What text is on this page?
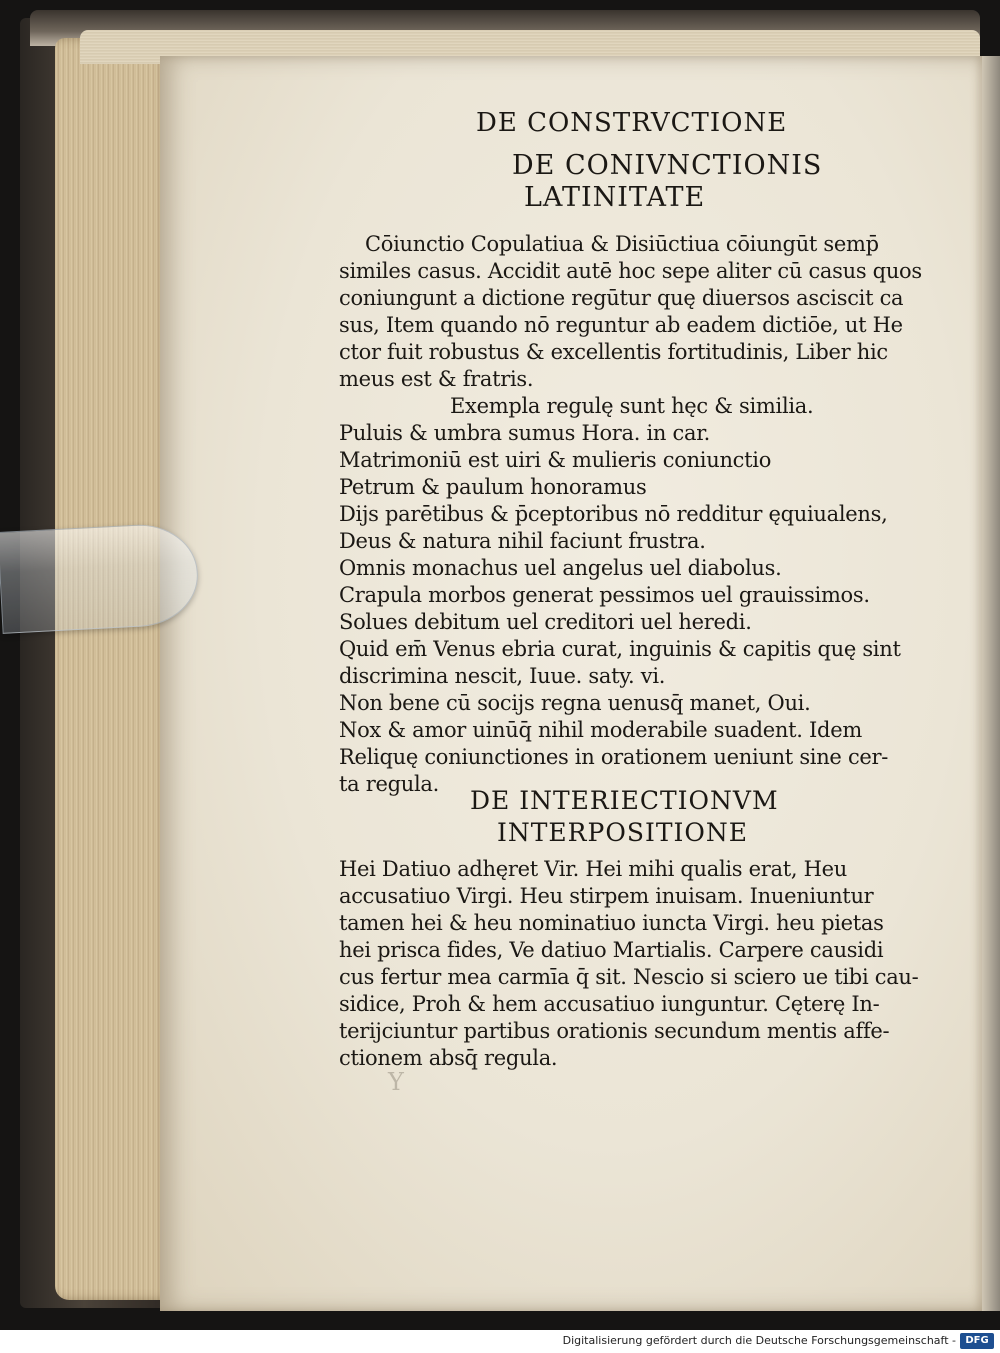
DE CONSTRVCTIONE
DE CONIVNCTIONIS
LATINITATE
Cōiunctio Copulatiua & Disiūctiua cōiungūt semp̄
similes casus. Accidit autē hoc sepe aliter cū casus quos
coniungunt a dictione regūtur quę diuersos asciscit ca
sus, Item quando nō reguntur ab eadem dictiōe, ut He
ctor fuit robustus & excellentis fortitudinis, Liber hic
meus est & fratris.
Exempla regulę sunt hęc & similia.
Puluis & umbra sumus Hora. in car.
Matrimoniū est uiri & mulieris coniunctio
Petrum & paulum honoramus
Dijs parētibus & p̄ceptoribus nō redditur ęquiualens,
Deus & natura nihil faciunt frustra.
Omnis monachus uel angelus uel diabolus.
Crapula morbos generat pessimos uel grauissimos.
Solues debitum uel creditori uel heredi.
Quid em̄ Venus ebria curat, inguinis & capitis quę sint
discrimina nescit, Iuue. saty. vi.
Non bene cū socijs regna uenusq̄ manet, Oui.
Nox & amor uinūq̄ nihil moderabile suadent. Idem
Reliquę coniunctiones in orationem ueniunt sine cer-
ta regula.
DE INTERIECTIONVM
INTERPOSITIONE
Hei Datiuo adhęret Vir. Hei mihi qualis erat, Heu
accusatiuo Virgi. Heu stirpem inuisam. Inueniuntur
tamen hei & heu nominatiuo iuncta Virgi. heu pietas
hei prisca fides, Ve datiuo Martialis. Carpere causidi
cus fertur mea carmīa q̄ sit. Nescio si sciero ue tibi cau-
sidice, Proh & hem accusatiuo iunguntur. Cęterę In-
terijciuntur partibus orationis secundum mentis affe-
ctionem absq̄ regula.
Y
Digitalisierung gefördert durch die Deutsche Forschungsgemeinschaft - DFG
